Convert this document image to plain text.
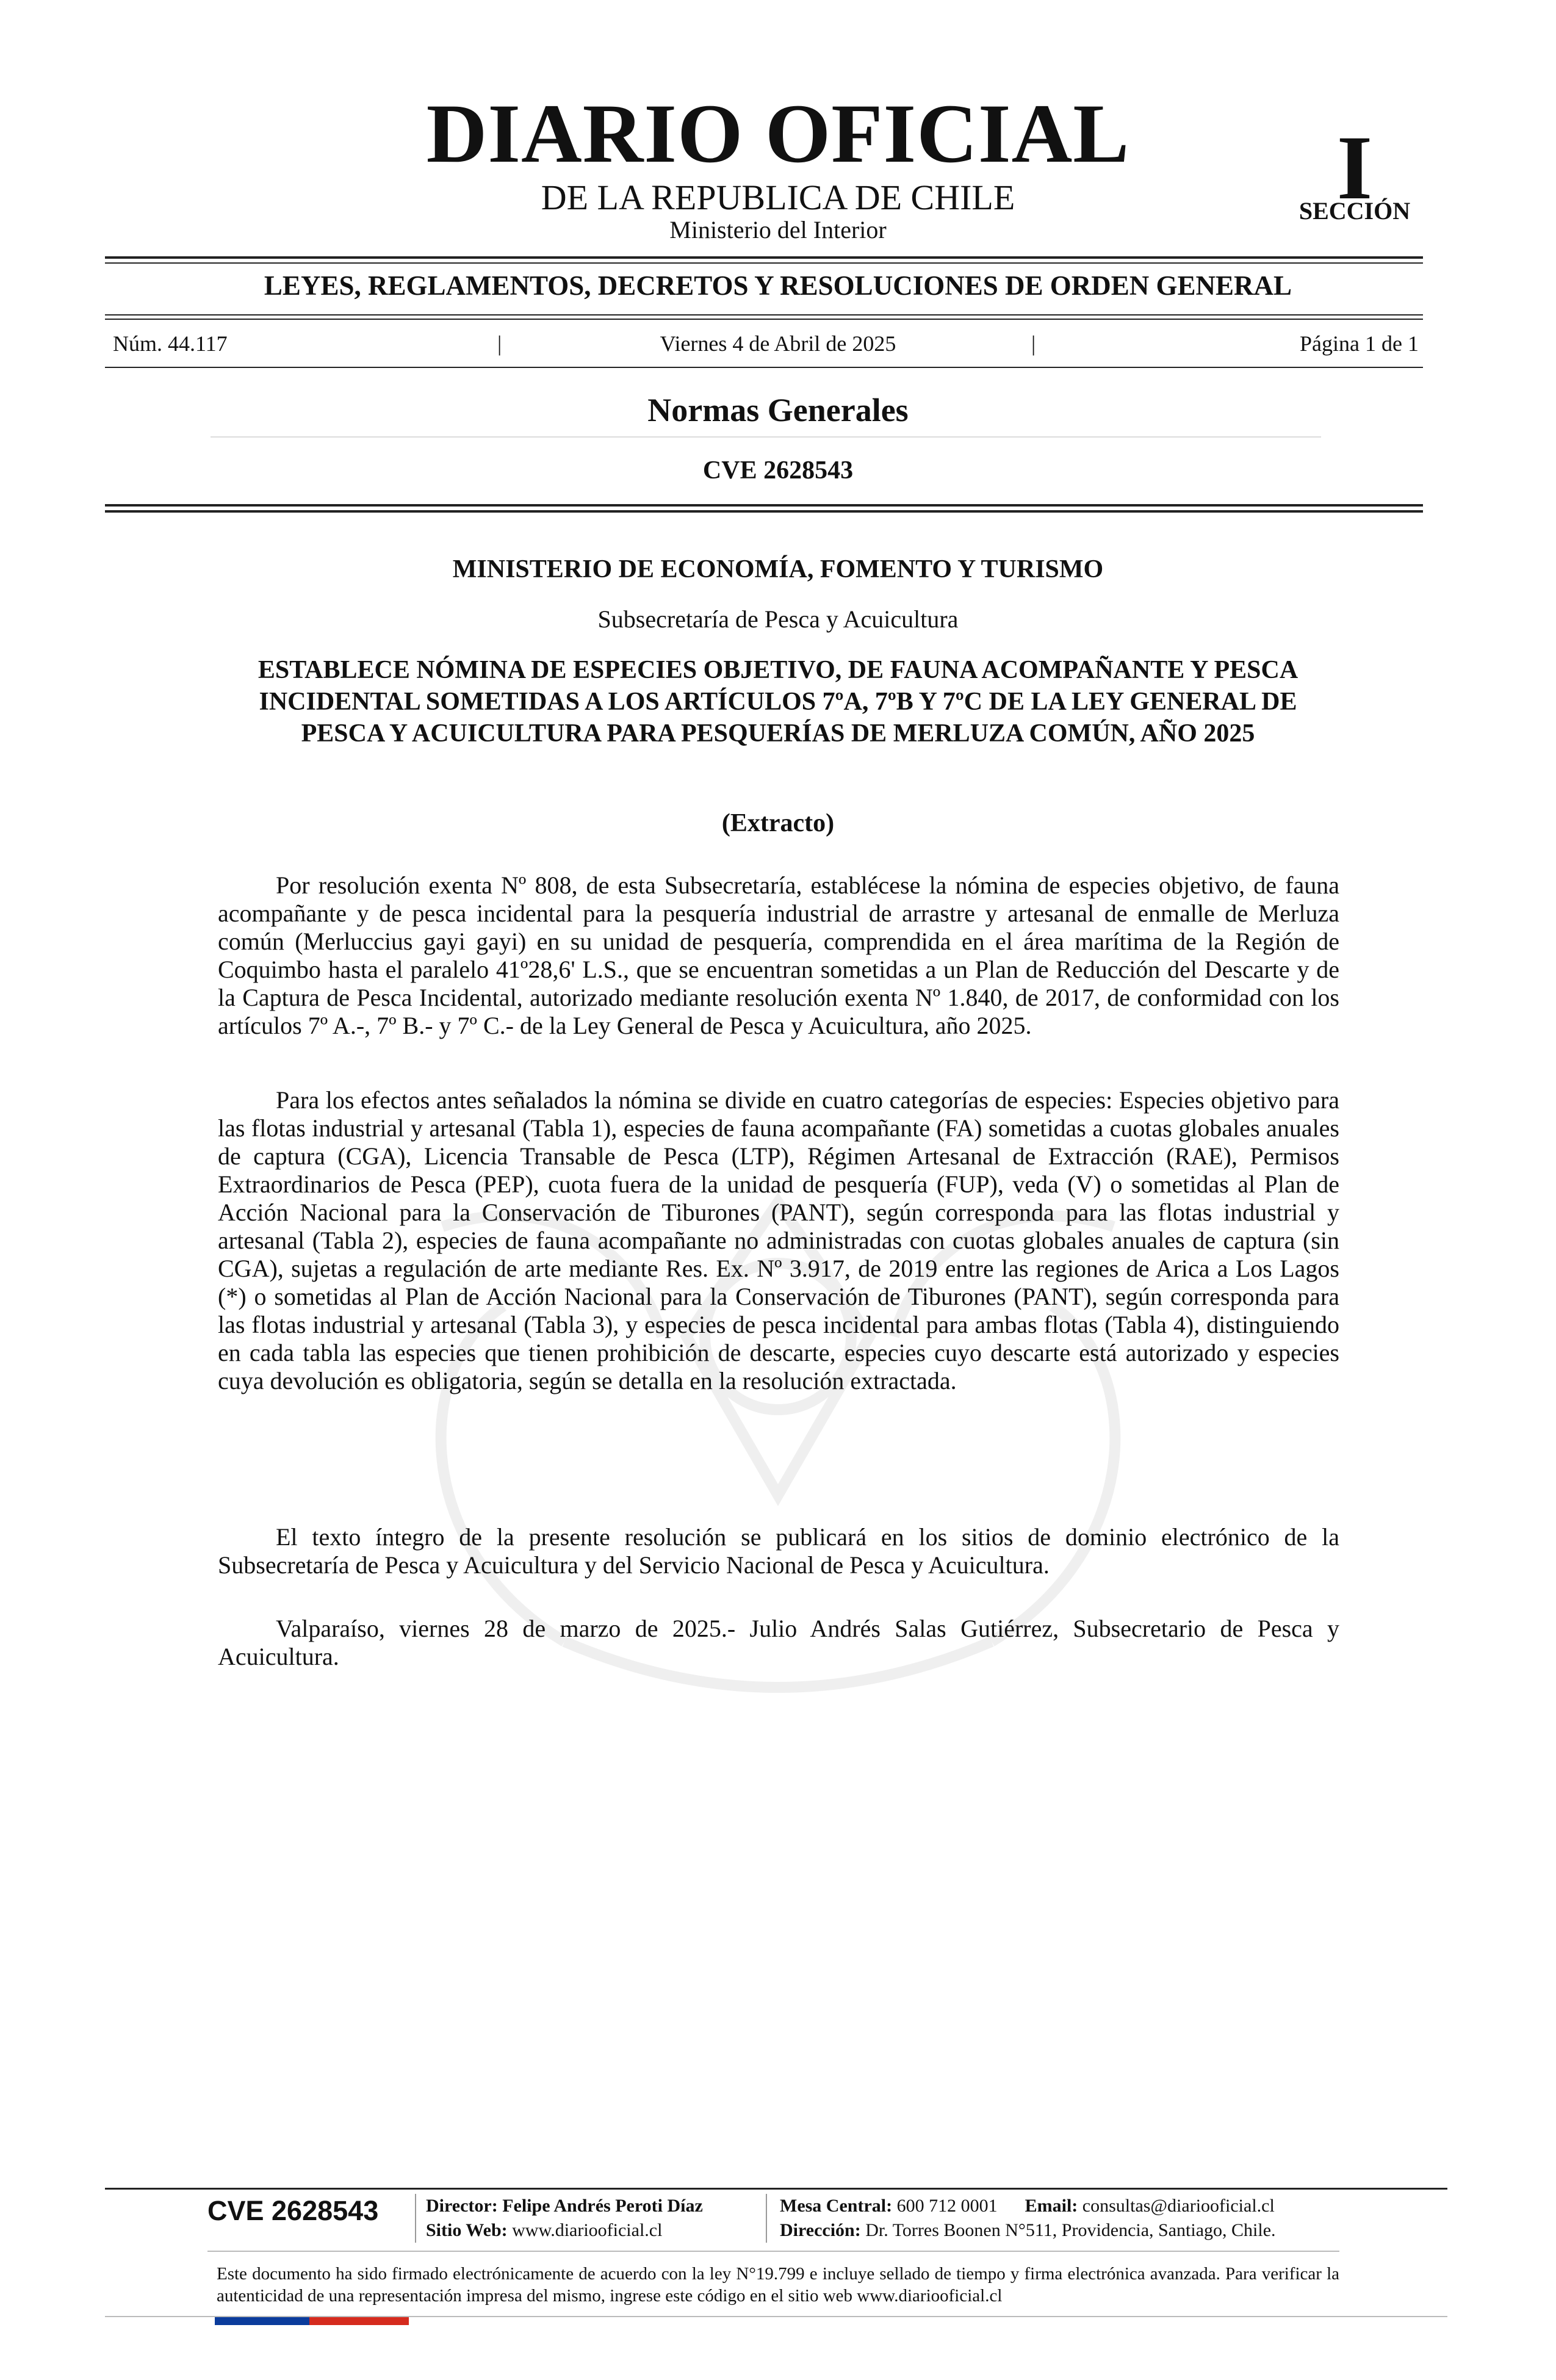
DIARIO OFICIAL
DE LA REPUBLICA DE CHILE
Ministerio del Interior
I
SECCIÓN
LEYES, REGLAMENTOS, DECRETOS Y RESOLUCIONES DE ORDEN GENERAL
Núm. 44.117	|	Viernes 4 de Abril de 2025	|	Página 1 de 1
Normas Generales
CVE 2628543
MINISTERIO DE ECONOMÍA, FOMENTO Y TURISMO
Subsecretaría de Pesca y Acuicultura
ESTABLECE NÓMINA DE ESPECIES OBJETIVO, DE FAUNA ACOMPAÑANTE Y PESCA INCIDENTAL SOMETIDAS A LOS ARTÍCULOS 7ºA, 7ºB Y 7ºC DE LA LEY GENERAL DE PESCA Y ACUICULTURA PARA PESQUERÍAS DE MERLUZA COMÚN, AÑO 2025
(Extracto)

Por resolución exenta Nº 808, de esta Subsecretaría, establécese la nómina de especies objetivo, de fauna acompañante y de pesca incidental para la pesquería industrial de arrastre y artesanal de enmalle de Merluza común (Merluccius gayi gayi) en su unidad de pesquería, comprendida en el área marítima de la Región de Coquimbo hasta el paralelo 41º28,6' L.S., que se encuentran sometidas a un Plan de Reducción del Descarte y de la Captura de Pesca Incidental, autorizado mediante resolución exenta Nº 1.840, de 2017, de conformidad con los artículos 7º A.-, 7º B.- y 7º C.- de la Ley General de Pesca y Acuicultura, año 2025.

Para los efectos antes señalados la nómina se divide en cuatro categorías de especies: Especies objetivo para las flotas industrial y artesanal (Tabla 1), especies de fauna acompañante (FA) sometidas a cuotas globales anuales de captura (CGA), Licencia Transable de Pesca (LTP), Régimen Artesanal de Extracción (RAE), Permisos Extraordinarios de Pesca (PEP), cuota fuera de la unidad de pesquería (FUP), veda (V) o sometidas al Plan de Acción Nacional para la Conservación de Tiburones (PANT), según corresponda para las flotas industrial y artesanal (Tabla 2), especies de fauna acompañante no administradas con cuotas globales anuales de captura (sin CGA), sujetas a regulación de arte mediante Res. Ex. Nº 3.917, de 2019 entre las regiones de Arica a Los Lagos (*) o sometidas al Plan de Acción Nacional para la Conservación de Tiburones (PANT), según corresponda para las flotas industrial y artesanal (Tabla 3), y especies de pesca incidental para ambas flotas (Tabla 4), distinguiendo en cada tabla las especies que tienen prohibición de descarte, especies cuyo descarte está autorizado y especies cuya devolución es obligatoria, según se detalla en la resolución extractada.

El texto íntegro de la presente resolución se publicará en los sitios de dominio electrónico de la Subsecretaría de Pesca y Acuicultura y del Servicio Nacional de Pesca y Acuicultura.

Valparaíso, viernes 28 de marzo de 2025.- Julio Andrés Salas Gutiérrez, Subsecretario de Pesca y Acuicultura.

CVE 2628543	Director: Felipe Andrés Peroti Díaz
Sitio Web: www.diariooficial.cl
Mesa Central: 600 712 0001 Email: consultas@diariooficial.cl
Dirección: Dr. Torres Boonen N°511, Providencia, Santiago, Chile.
Este documento ha sido firmado electrónicamente de acuerdo con la ley N°19.799 e incluye sellado de tiempo y firma electrónica avanzada. Para verificar la autenticidad de una representación impresa del mismo, ingrese este código en el sitio web www.diariooficial.cl
